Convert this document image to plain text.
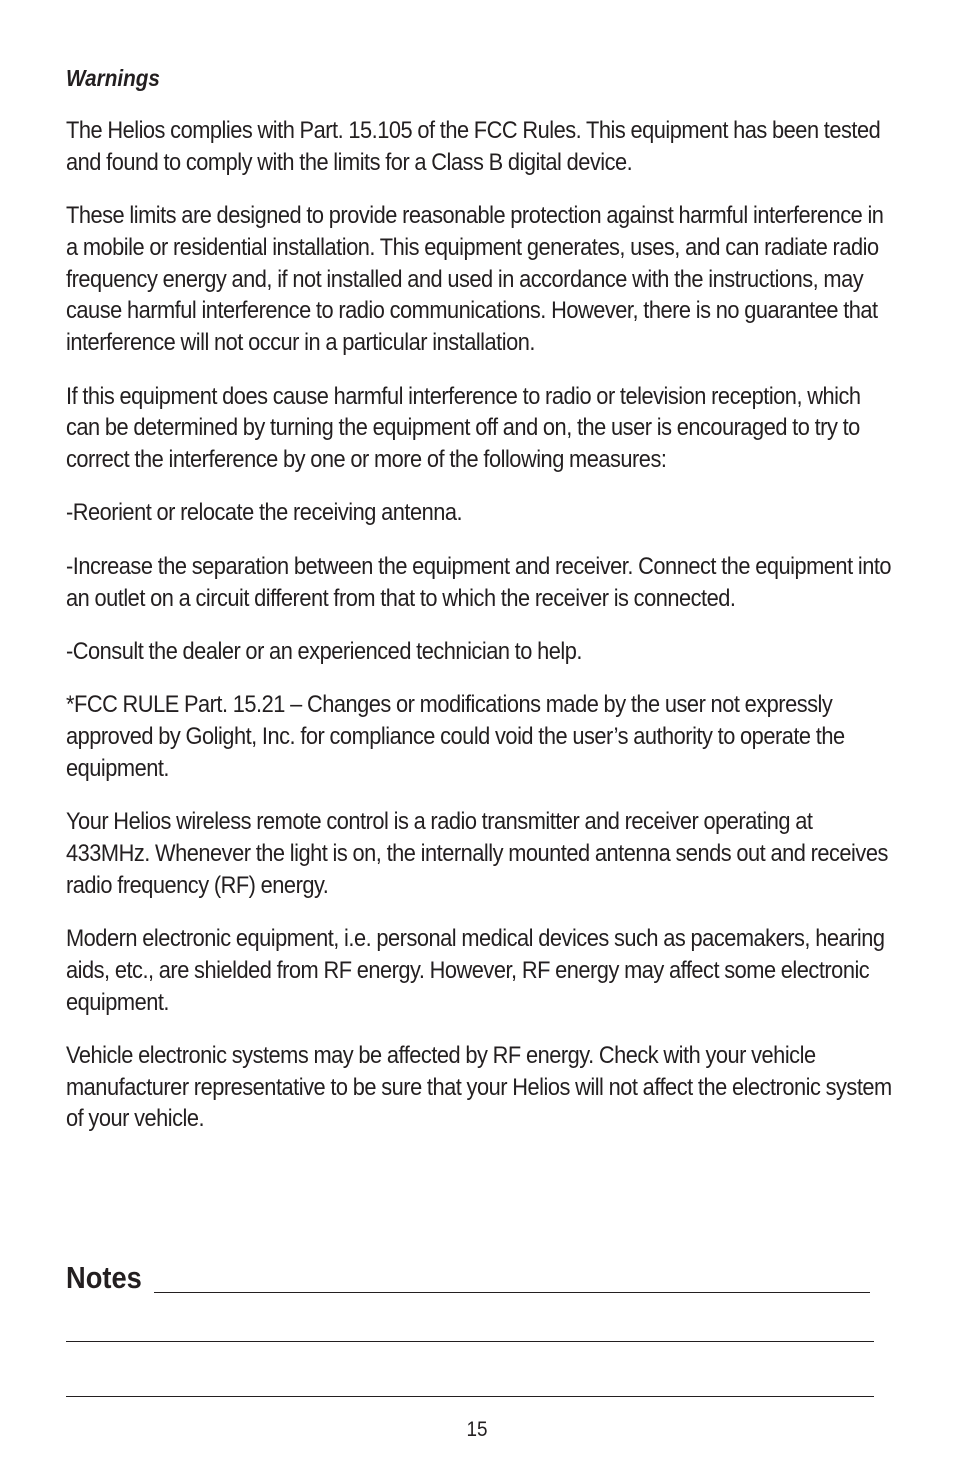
Warnings

The Helios complies with Part. 15.105 of the FCC Rules. This equipment has been tested and found to comply with the limits for a Class B digital device.

These limits are designed to provide reasonable protection against harmful interference in a mobile or residential installation. This equipment generates, uses, and can radiate radio frequency energy and, if not installed and used in accordance with the instructions, may cause harmful interference to radio communications. However, there is no guarantee that interference will not occur in a particular installation.

If this equipment does cause harmful interference to radio or television reception, which can be determined by turning the equipment off and on, the user is encouraged to try to correct the interference by one or more of the following measures:

-Reorient or relocate the receiving antenna.

-Increase the separation between the equipment and receiver. Connect the equipment into an outlet on a circuit different from that to which the receiver is connected.

-Consult the dealer or an experienced technician to help.

*FCC RULE Part. 15.21 – Changes or modifications made by the user not expressly approved by Golight, Inc. for compliance could void the user’s authority to operate the equipment.

Your Helios wireless remote control is a radio transmitter and receiver operating at 433MHz. Whenever the light is on, the internally mounted antenna sends out and receives radio frequency (RF) energy.

Modern electronic equipment, i.e. personal medical devices such as pacemakers, hearing aids, etc., are shielded from RF energy. However, RF energy may affect some electronic equipment.

Vehicle electronic systems may be affected by RF energy. Check with your vehicle manufacturer representative to be sure that your Helios will not affect the electronic system of your vehicle.

Notes
15
